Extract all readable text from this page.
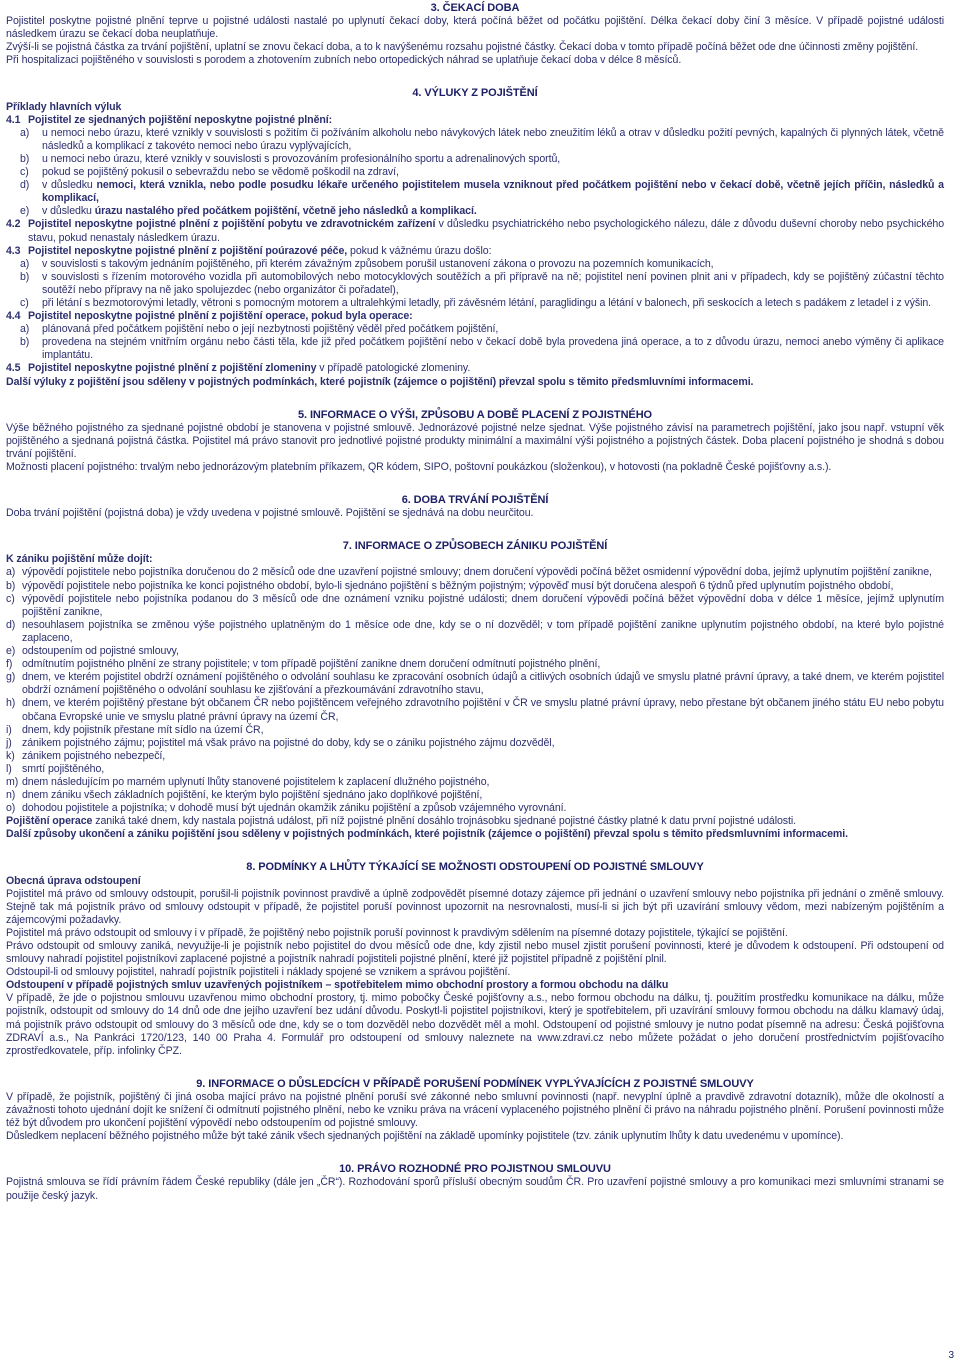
3. ČEKACÍ DOBA

Pojistitel poskytne pojistné plnění teprve u pojistné události nastalé po uplynutí čekací doby, která počíná běžet od počátku pojištění. Délka čekací doby činí 3 měsíce. V případě pojistné události následkem úrazu se čekací doba neuplatňuje.

Zvýší-li se pojistná částka za trvání pojištění, uplatní se znovu čekací doba, a to k navýšenému rozsahu pojistné částky. Čekací doba v tomto případě počíná běžet ode dne účinnosti změny pojištění.

Při hospitalizaci pojištěného v souvislosti s porodem a zhotovením zubních nebo ortopedických náhrad se uplatňuje čekací doba v délce 8 měsíců.

4. VÝLUKY Z POJIŠTĚNÍ

Příklady hlavních výluk

4.1 Pojistitel ze sjednaných pojištění neposkytne pojistné plnění:

a) u nemoci nebo úrazu, které vznikly v souvislosti s požitím či požíváním alkoholu nebo návykových látek nebo zneužitím léků a otrav v důsledku požití pevných, kapalných či plynných látek, včetně následků a komplikací z takovéto nemoci nebo úrazu vyplývajících,

b) u nemoci nebo úrazu, které vznikly v souvislosti s provozováním profesionálního sportu a adrenalinových sportů,

c) pokud se pojištěný pokusil o sebevraždu nebo se vědomě poškodil na zdraví,

d) v důsledku nemoci, která vznikla, nebo podle posudku lékaře určeného pojistitelem musela vzniknout před počátkem pojištění nebo v čekací době, včetně jejích příčin, následků a komplikací,

e) v důsledku úrazu nastalého před počátkem pojištění, včetně jeho následků a komplikací.

4.2 Pojistitel neposkytne pojistné plnění z pojištění pobytu ve zdravotnickém zařízení v důsledku psychiatrického nebo psychologického nálezu, dále z důvodu duševní choroby nebo psychického stavu, pokud nenastaly následkem úrazu.

4.3 Pojistitel neposkytne pojistné plnění z pojištění poúrazové péče, pokud k vážnému úrazu došlo:

a) v souvislosti s takovým jednáním pojištěného, při kterém závažným způsobem porušil ustanovení zákona o provozu na pozemních komunikacích,

b) v souvislosti s řízením motorového vozidla při automobilových nebo motocyklových soutěžích a při přípravě na ně; pojistitel není povinen plnit ani v případech, kdy se pojištěný zúčastní těchto soutěží nebo přípravy na ně jako spolujezdec (nebo organizátor či pořadatel),

c) při létání s bezmotorovými letadly, větroni s pomocným motorem a ultralehkými letadly, při závěsném létání, paraglidingu a létání v balonech, při seskocích a letech s padákem z letadel i z výšin.

4.4 Pojistitel neposkytne pojistné plnění z pojištění operace, pokud byla operace:

a) plánovaná před počátkem pojištění nebo o její nezbytnosti pojištěný věděl před počátkem pojištění,

b) provedena na stejném vnitřním orgánu nebo části těla, kde již před počátkem pojištění nebo v čekací době byla provedena jiná operace, a to z důvodu úrazu, nemoci anebo výměny či aplikace implantátu.

4.5 Pojistitel neposkytne pojistné plnění z pojištění zlomeniny v případě patologické zlomeniny.

Další výluky z pojištění jsou sděleny v pojistných podmínkách, které pojistník (zájemce o pojištění) převzal spolu s těmito předsmluvními informacemi.

5. INFORMACE O VÝŠI, ZPŮSOBU A DOBĚ PLACENÍ Z POJISTNÉHO

Výše běžného pojistného za sjednané pojistné období je stanovena v pojistné smlouvě. Jednorázové pojistné nelze sjednat. Výše pojistného závisí na parametrech pojištění, jako jsou např. vstupní věk pojištěného a sjednaná pojistná částka. Pojistitel má právo stanovit pro jednotlivé pojistné produkty minimální a maximální výši pojistného a pojistných částek. Doba placení pojistného je shodná s dobou trvání pojištění.

Možnosti placení pojistného: trvalým nebo jednorázovým platebním příkazem, QR kódem, SIPO, poštovní poukázkou (složenkou), v hotovosti (na pokladně České pojišťovny a.s.).

6. DOBA TRVÁNÍ POJIŠTĚNÍ

Doba trvání pojištění (pojistná doba) je vždy uvedena v pojistné smlouvě. Pojištění se sjednává na dobu neurčitou.

7. INFORMACE O ZPŮSOBECH ZÁNIKU POJIŠTĚNÍ

K zániku pojištění může dojít:

a) výpovědí pojistitele nebo pojistníka doručenou do 2 měsíců ode dne uzavření pojistné smlouvy; dnem doručení výpovědi počíná běžet osmidenní výpovědní doba, jejímž uplynutím pojištění zanikne,

b) výpovědí pojistitele nebo pojistníka ke konci pojistného období, bylo-li sjednáno pojištění s běžným pojistným; výpověď musí být doručena alespoň 6 týdnů před uplynutím pojistného období,

c) výpovědí pojistitele nebo pojistníka podanou do 3 měsíců ode dne oznámení vzniku pojistné události; dnem doručení výpovědi počíná běžet výpovědní doba v délce 1 měsíce, jejímž uplynutím pojištění zanikne,

d) nesouhlasem pojistníka se změnou výše pojistného uplatněným do 1 měsíce ode dne, kdy se o ní dozvěděl; v tom případě pojištění zanikne uplynutím pojistného období, na které bylo pojistné zaplaceno,

e) odstoupením od pojistné smlouvy,

f) odmítnutím pojistného plnění ze strany pojistitele; v tom případě pojištění zanikne dnem doručení odmítnutí pojistného plnění,

g) dnem, ve kterém pojistitel obdrží oznámení pojištěného o odvolání souhlasu ke zpracování osobních údajů a citlivých osobních údajů ve smyslu platné právní úpravy, a také dnem, ve kterém pojistitel obdrží oznámení pojištěného o odvolání souhlasu ke zjišťování a přezkoumávání zdravotního stavu,

h) dnem, ve kterém pojištěný přestane být občanem ČR nebo pojištěncem veřejného zdravotního pojištění v ČR ve smyslu platné právní úpravy, nebo přestane být občanem jiného státu EU nebo pobytu občana Evropské unie ve smyslu platné právní úpravy na území ČR,

i) dnem, kdy pojistník přestane mít sídlo na území ČR,

j) zánikem pojistného zájmu; pojistitel má však právo na pojistné do doby, kdy se o zániku pojistného zájmu dozvěděl,

k) zánikem pojistného nebezpečí,

l) smrtí pojištěného,

m) dnem následujícím po marném uplynutí lhůty stanovené pojistitelem k zaplacení dlužného pojistného,

n) dnem zániku všech základních pojištění, ke kterým bylo pojištění sjednáno jako doplňkové pojištění,

o) dohodou pojistitele a pojistníka; v dohodě musí být ujednán okamžik zániku pojištění a způsob vzájemného vyrovnání.

Pojištění operace zaniká také dnem, kdy nastala pojistná událost, při níž pojistné plnění dosáhlo trojnásobku sjednané pojistné částky platné k datu první pojistné události.

Další způsoby ukončení a zániku pojištění jsou sděleny v pojistných podmínkách, které pojistník (zájemce o pojištění) převzal spolu s těmito předsmluvními informacemi.

8. PODMÍNKY A LHŮTY TÝKAJÍCÍ SE MOŽNOSTI ODSTOUPENÍ OD POJISTNÉ SMLOUVY

Obecná úprava odstoupení

Pojistitel má právo od smlouvy odstoupit, porušil-li pojistník povinnost pravdivě a úplně zodpovědět písemné dotazy zájemce při jednání o uzavření smlouvy nebo pojistníka při jednání o změně smlouvy. Stejně tak má pojistník právo od smlouvy odstoupit v případě, že pojistitel poruší povinnost upozornit na nesrovnalosti, musí-li si jich být při uzavírání smlouvy vědom, mezi nabízeným pojištěním a zájemcovými požadavky.

Pojistitel má právo odstoupit od smlouvy i v případě, že pojištěný nebo pojistník poruší povinnost k pravdivým sdělením na písemné dotazy pojistitele, týkající se pojištění.

Právo odstoupit od smlouvy zaniká, nevyužije-li je pojistník nebo pojistitel do dvou měsíců ode dne, kdy zjistil nebo musel zjistit porušení povinnosti, které je důvodem k odstoupení. Při odstoupení od smlouvy nahradí pojistitel pojistníkovi zaplacené pojistné a pojistník nahradí pojistiteli pojistné plnění, které již pojistitel případně z pojištění plnil.

Odstoupil-li od smlouvy pojistitel, nahradí pojistník pojistiteli i náklady spojené se vznikem a správou pojištění.

Odstoupení v případě pojistných smluv uzavřených pojistníkem – spotřebitelem mimo obchodní prostory a formou obchodu na dálku

V případě, že jde o pojistnou smlouvu uzavřenou mimo obchodní prostory, tj. mimo pobočky České pojišťovny a.s., nebo formou obchodu na dálku, tj. použitím prostředku komunikace na dálku, může pojistník, odstoupit od smlouvy do 14 dnů ode dne jejího uzavření bez udání důvodu. Poskytl-li pojistitel pojistníkovi, který je spotřebitelem, při uzavírání smlouvy formou obchodu na dálku klamavý údaj, má pojistník právo odstoupit od smlouvy do 3 měsíců ode dne, kdy se o tom dozvěděl nebo dozvědět měl a mohl. Odstoupení od pojistné smlouvy je nutno podat písemně na adresu: Česká pojišťovna ZDRAVÍ a.s., Na Pankráci 1720/123, 140 00 Praha 4. Formulář pro odstoupení od smlouvy naleznete na www.zdravi.cz nebo můžete požádat o jeho doručení prostřednictvím pojišťovacího zprostředkovatele, příp. infolinky ČPZ.

9. INFORMACE O DŮSLEDCÍCH V PŘÍPADĚ PORUŠENÍ PODMÍNEK VYPLÝVAJÍCÍCH Z POJISTNÉ SMLOUVY

V případě, že pojistník, pojištěný či jiná osoba mající právo na pojistné plnění poruší své zákonné nebo smluvní povinnosti (např. nevyplní úplně a pravdivě zdravotní dotazník), může dle okolností a závažnosti tohoto ujednání dojít ke snížení či odmítnutí pojistného plnění, nebo ke vzniku práva na vrácení vyplaceného pojistného plnění či právo na náhradu pojistného plnění. Porušení povinnosti může též být důvodem pro ukončení pojištění výpovědí nebo odstoupením od pojistné smlouvy.

Důsledkem neplacení běžného pojistného může být také zánik všech sjednaných pojištění na základě upomínky pojistitele (tzv. zánik uplynutím lhůty k datu uvedenému v upomínce).

10. PRÁVO ROZHODNÉ PRO POJISTNOU SMLOUVU

Pojistná smlouva se řídí právním řádem České republiky (dále jen „ČR“). Rozhodování sporů přísluší obecným soudům ČR. Pro uzavření pojistné smlouvy a pro komunikaci mezi smluvními stranami se použije český jazyk.

3
